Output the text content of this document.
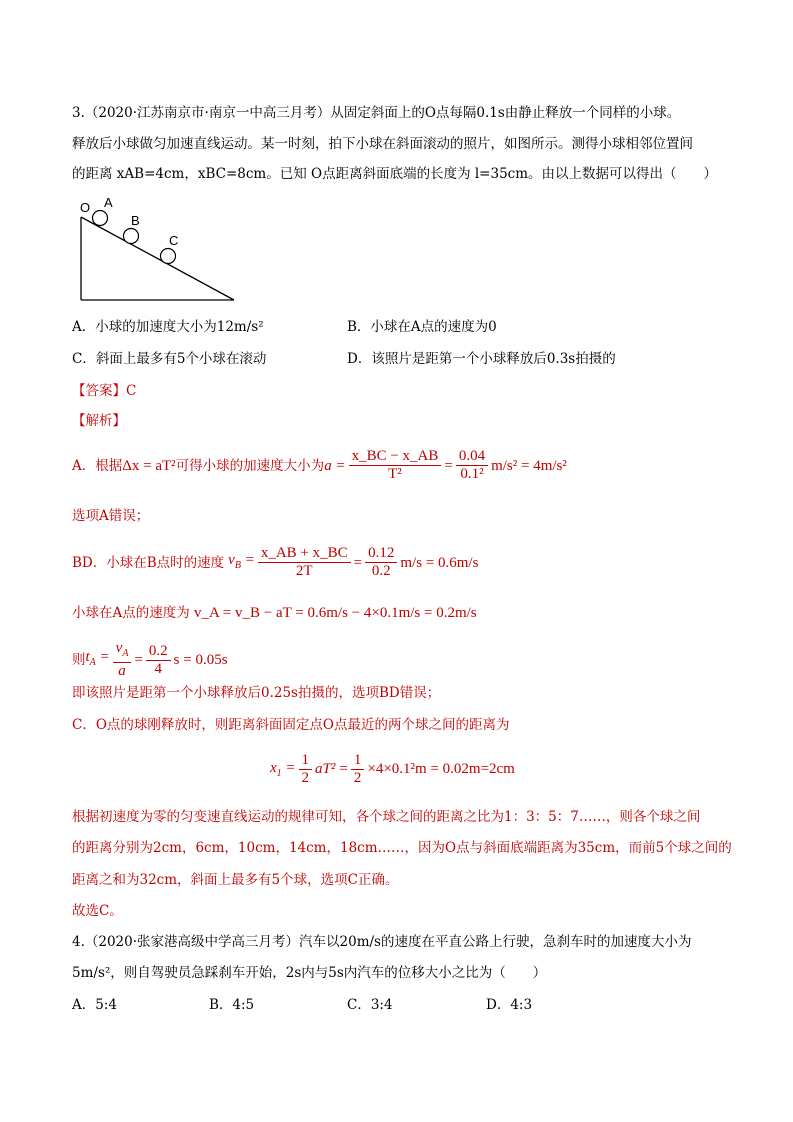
3.（2020·江苏南京市·南京一中高三月考）从固定斜面上的O点每隔0.1s由静止释放一个同样的小球。
释放后小球做匀加速直线运动。某一时刻，拍下小球在斜面滚动的照片，如图所示。测得小球相邻位置间
的距离 xAB=4cm，xBC=8cm。已知 O点距离斜面底端的长度为 l=35cm。由以上数据可以得出（　　）
O A
B
C
A．小球的加速度大小为12m/s²	B．小球在A点的速度为0
C．斜面上最多有5个小球在滚动	D．该照片是距第一个小球释放后0.3s拍摄的
【答案】C
【解析】
A．根据 Δx = aT² 可得小球的加速度大小为 $a = \frac{x\_BC - x\_AB}{\text{T²}} = \frac{0.04}{\text{0.1²}} m/s^2 = 4m/s^2$
选项A错误；
BD．小球在B点时的速度 $v_B = \frac{x\_AB + x\_BC}{2T} = \frac{0.12}{0.2} m/s = 0.6m/s$
小球在A点的速度为 v_A = v_B − aT = 0.6m/s − 4×0.1m/s = 0.2m/s
则 $t_A = \frac{v_A}{a} = \frac{0.2}{4}$ s = 0.05s
即该照片是距第一个小球释放后0.25s拍摄的，选项BD错误；
C．O点的球刚释放时，则距离斜面固定点O点最近的两个球之间的距离为
$x_1 = \frac{1}{2} aT^2 = \frac{1}{2} \times 4\times 0.1^2m = 0.02m=2cm$
根据初速度为零的匀变速直线运动的规律可知，各个球之间的距离之比为1：3：5：7……，则各个球之间
的距离分别为2cm，6cm，10cm，14cm，18cm……，因为O点与斜面底端距离为35cm，而前5个球之间的
距离之和为32cm，斜面上最多有5个球，选项C正确。
故选C。
4.（2020·张家港高级中学高三月考）汽车以20m/s的速度在平直公路上行驶，急刹车时的加速度大小为
5m/s²，则自驾驶员急踩刹车开始，2s内与5s内汽车的位移大小之比为（　　）
A．5:4	B．4:5	C．3:4	D．4:3
